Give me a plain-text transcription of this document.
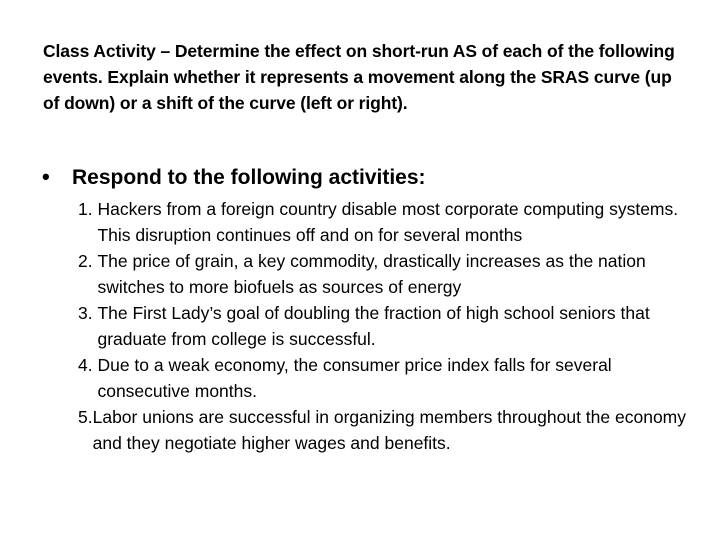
Class Activity – Determine the effect on short-run AS of each of the following events. Explain whether it represents a movement along the SRAS curve (up of down) or a shift of the curve (left or right).
•	Respond to the following activities:
1. Hackers from a foreign country disable most corporate computing systems. This disruption continues off and on for several months
2. The price of grain, a key commodity, drastically increases as the nation switches to more biofuels as sources of energy
3. The First Lady’s goal of doubling the fraction of high school seniors that graduate from college is successful.
4. Due to a weak economy, the consumer price index falls for several consecutive months.
5. Labor unions are successful in organizing members throughout the economy and they negotiate higher wages and benefits.
